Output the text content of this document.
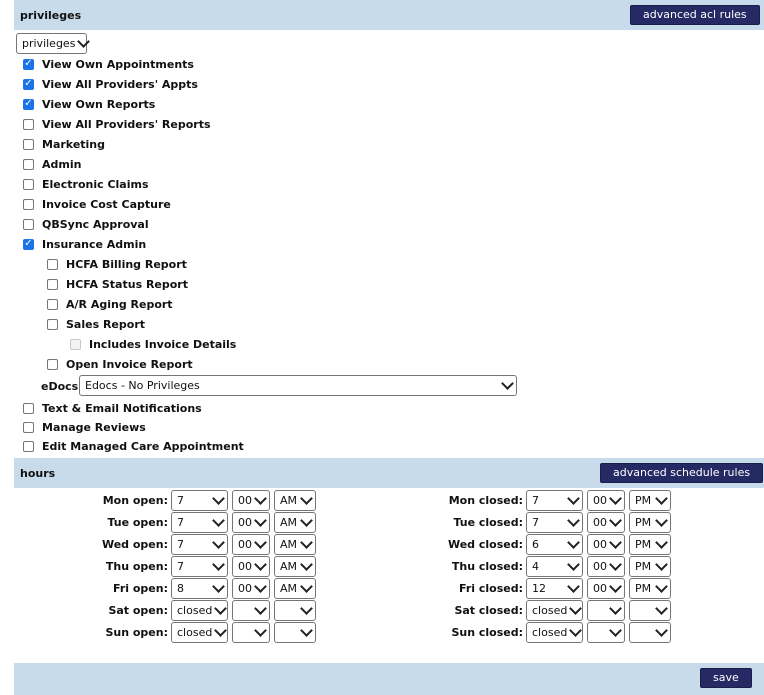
privileges	advanced acl rules
privileges
✓ View Own Appointments
✓ View All Providers' Appts
✓ View Own Reports
View All Providers' Reports
Marketing
Admin
Electronic Claims
Invoice Cost Capture
QBSync Approval
✓ Insurance Admin
HCFA Billing Report
HCFA Status Report
A/R Aging Report
Sales Report
Includes Invoice Details
Open Invoice Report
Text & Email Notifications
Manage Reviews
Edit Managed Care Appointment
eDocs Edocs - No Privileges
hours	advanced schedule rules
Mon open: 7	00	AM	Mon closed: 7	00	PM
Tue open: 7	00	AM	Tue closed: 7	00	PM
Wed open: 7	00	AM	Wed closed: 6	00	PM
Thu open: 7	00	AM	Thu closed: 4	00	PM
Fri open: 8	00	AM	Fri closed: 12	00	PM
Sat open: closed	Sat closed: closed
Sun open: closed	Sun closed: closed
save
